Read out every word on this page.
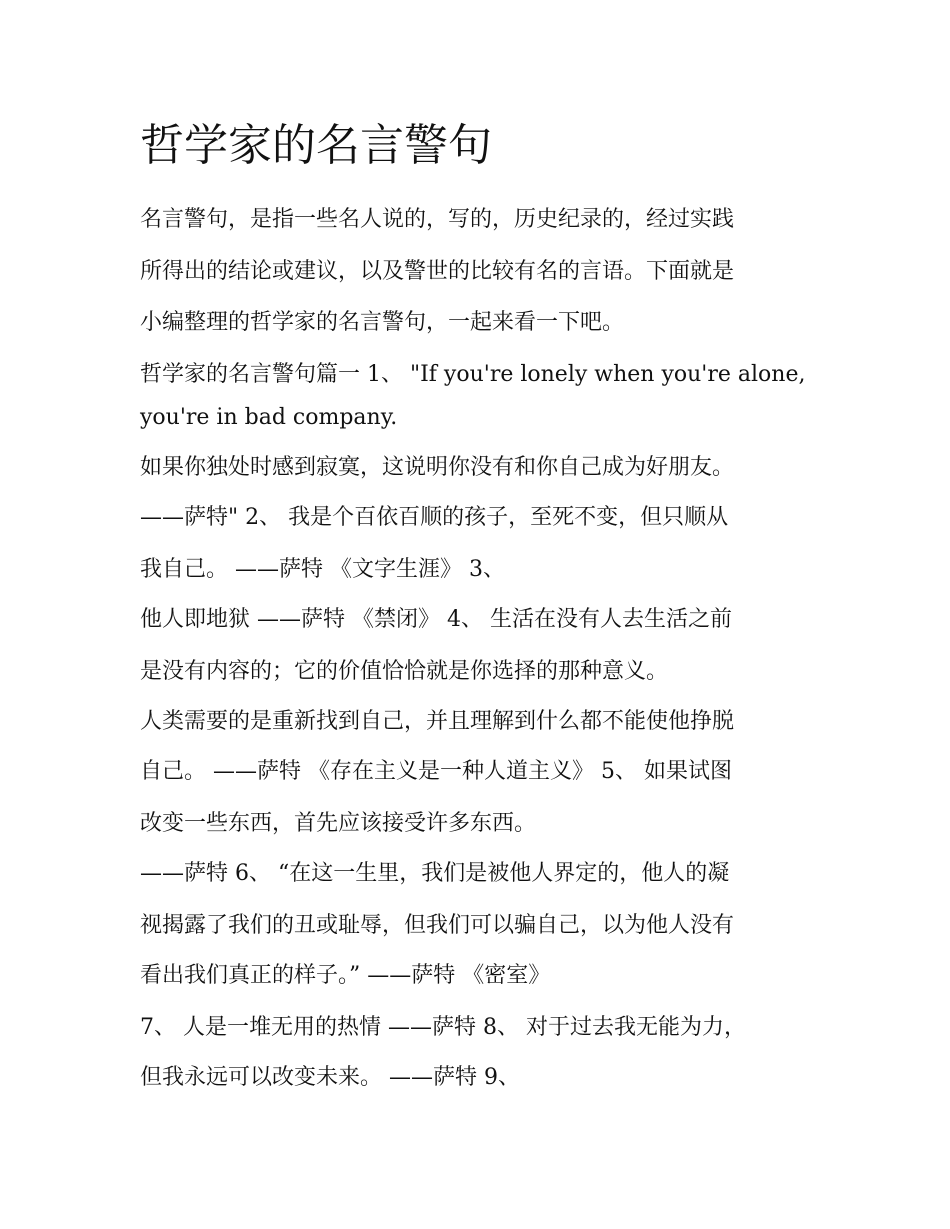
哲学家的名言警句

名言警句，是指一些名人说的，写的，历史纪录的，经过实践

所得出的结论或建议，以及警世的比较有名的言语。下面就是

小编整理的哲学家的名言警句，一起来看一下吧。

哲学家的名言警句篇一 1、 "If you're lonely when you're alone,

you're in bad company.

如果你独处时感到寂寞，这说明你没有和你自己成为好朋友。

——萨特" 2、 我是个百依百顺的孩子，至死不变，但只顺从

我自己。 ——萨特 《文字生涯》 3、

他人即地狱 ——萨特 《禁闭》 4、 生活在没有人去生活之前

是没有内容的；它的价值恰恰就是你选择的那种意义。

人类需要的是重新找到自己，并且理解到什么都不能使他挣脱

自己。 ——萨特 《存在主义是一种人道主义》 5、 如果试图

改变一些东西，首先应该接受许多东西。

——萨特 6、 “在这一生里，我们是被他人界定的，他人的凝

视揭露了我们的丑或耻辱，但我们可以骗自己，以为他人没有

看出我们真正的样子。” ——萨特 《密室》

7、 人是一堆无用的热情 ——萨特 8、 对于过去我无能为力，

但我永远可以改变未来。 ——萨特 9、
